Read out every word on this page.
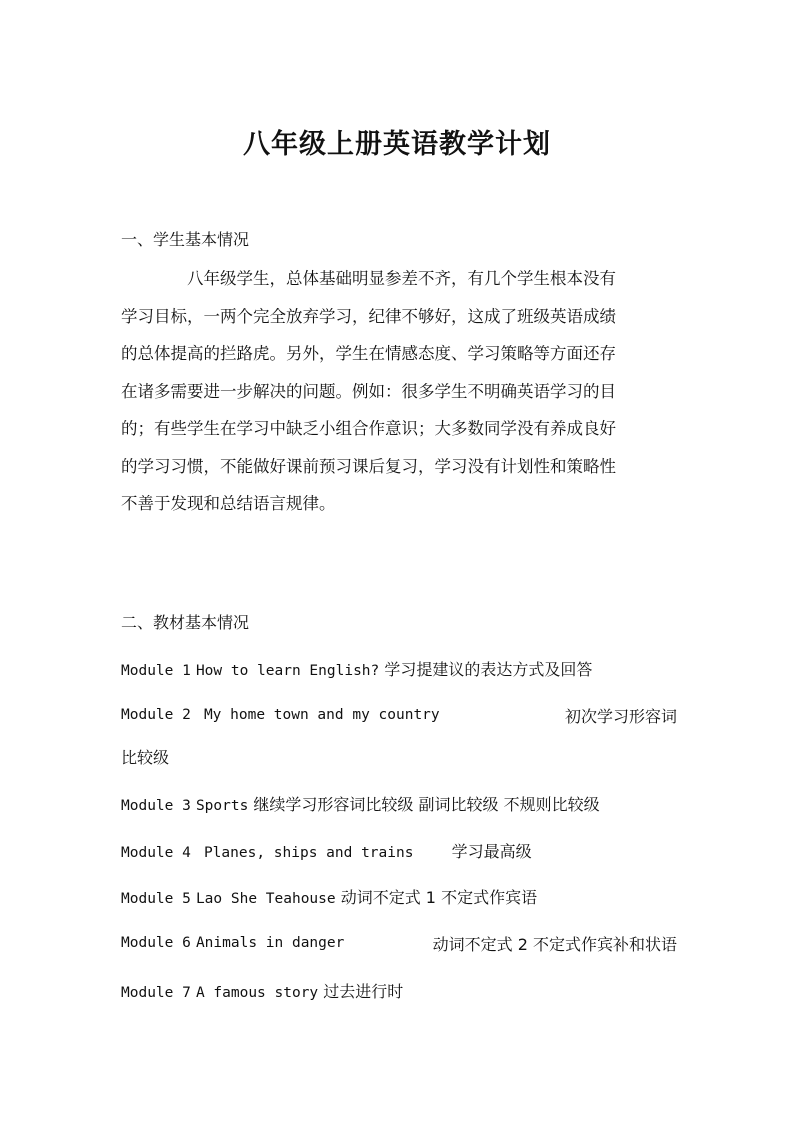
八年级上册英语教学计划
一、学生基本情况

八年级学生，总体基础明显参差不齐，有几个学生根本没有

学习目标，一两个完全放弃学习，纪律不够好，这成了班级英语成绩

的总体提高的拦路虎。另外，学生在情感态度、学习策略等方面还存

在诸多需要进一步解决的问题。例如：很多学生不明确英语学习的目

的；有些学生在学习中缺乏小组合作意识；大多数同学没有养成良好

的学习习惯，不能做好课前预习课后复习，学习没有计划性和策略性

不善于发现和总结语言规律。

二、教材基本情况
Module 1 How to learn English? 学习提建议的表达方式及回答
Module 2 My home town and my country	初次学习形容词
比较级
Module 3 Sports 继续学习形容词比较级 副词比较级 不规则比较级
Module 4 Planes, ships and trains 学习最高级
Module 5 Lao She Teahouse 动词不定式 1 不定式作宾语
Module 6 Animals in danger	动词不定式 2 不定式作宾补和状语
Module 7 A famous story 过去进行时
